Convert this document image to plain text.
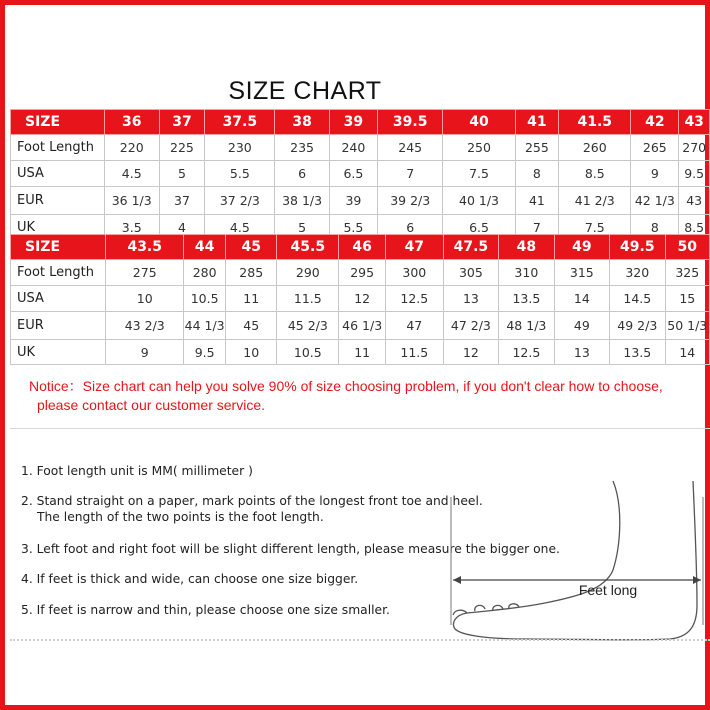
SIZE CHART
SIZE	36	37	37.5	38	39	39.5	40	41	41.5	42	43
Foot Length	220	225	230	235	240	245	250	255	260	265	270
USA	4.5	5	5.5	6	6.5	7	7.5	8	8.5	9	9.5
EUR	36 1/3	37	37 2/3	38 1/3	39	39 2/3	40 1/3	41	41 2/3	42 1/3	43
UK	3.5	4	4.5	5	5.5	6	6.5	7	7.5	8	8.5
SIZE	43.5	44	45	45.5	46	47	47.5	48	49	49.5	50
Foot Length	275	280	285	290	295	300	305	310	315	320	325
USA	10	10.5	11	11.5	12	12.5	13	13.5	14	14.5	15
EUR	43 2/3	44 1/3	45	45 2/3	46 1/3	47	47 2/3	48 1/3	49	49 2/3	50 1/3
UK	9	9.5	10	10.5	11	11.5	12	12.5	13	13.5	14
Notice：Size chart can help you solve 90% of size choosing problem, if you don't clear how to choose,
please contact our customer service.
1. Foot length unit is MM( millimeter )
2. Stand straight on a paper, mark points of the longest front toe and heel.
The length of the two points is the foot length.
3. Left foot and right foot will be slight different length, please measure the bigger one.
4. If feet is thick and wide, can choose one size bigger.
5. If feet is narrow and thin, please choose one size smaller.
Feet long
